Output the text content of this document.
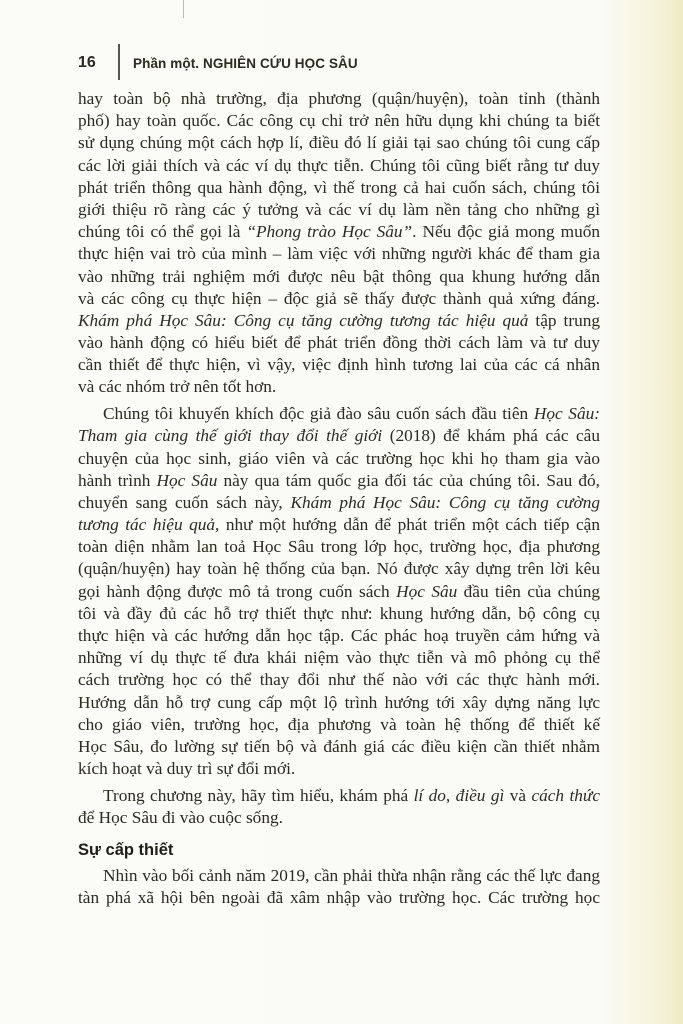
16	Phần một. NGHIÊN CỨU HỌC SÂU
hay toàn bộ nhà trường, địa phương (quận/huyện), toàn tỉnh (thành
phố) hay toàn quốc. Các công cụ chỉ trở nên hữu dụng khi chúng ta biết
sử dụng chúng một cách hợp lí, điều đó lí giải tại sao chúng tôi cung cấp
các lời giải thích và các ví dụ thực tiễn. Chúng tôi cũng biết rằng tư duy
phát triển thông qua hành động, vì thế trong cả hai cuốn sách, chúng tôi
giới thiệu rõ ràng các ý tưởng và các ví dụ làm nền tảng cho những gì
chúng tôi có thể gọi là “Phong trào Học Sâu”. Nếu độc giả mong muốn
thực hiện vai trò của mình – làm việc với những người khác để tham gia
vào những trải nghiệm mới được nêu bật thông qua khung hướng dẫn
và các công cụ thực hiện – độc giả sẽ thấy được thành quả xứng đáng.
Khám phá Học Sâu: Công cụ tăng cường tương tác hiệu quả tập trung
vào hành động có hiểu biết để phát triển đồng thời cách làm và tư duy
cần thiết để thực hiện, vì vậy, việc định hình tương lai của các cá nhân
và các nhóm trở nên tốt hơn.
Chúng tôi khuyến khích độc giả đào sâu cuốn sách đầu tiên Học Sâu:
Tham gia cùng thế giới thay đổi thế giới (2018) để khám phá các câu
chuyện của học sinh, giáo viên và các trường học khi họ tham gia vào
hành trình Học Sâu này qua tám quốc gia đối tác của chúng tôi. Sau đó,
chuyển sang cuốn sách này, Khám phá Học Sâu: Công cụ tăng cường
tương tác hiệu quả, như một hướng dẫn để phát triển một cách tiếp cận
toàn diện nhằm lan toả Học Sâu trong lớp học, trường học, địa phương
(quận/huyện) hay toàn hệ thống của bạn. Nó được xây dựng trên lời kêu
gọi hành động được mô tả trong cuốn sách Học Sâu đầu tiên của chúng
tôi và đầy đủ các hỗ trợ thiết thực như: khung hướng dẫn, bộ công cụ
thực hiện và các hướng dẫn học tập. Các phác hoạ truyền cảm hứng và
những ví dụ thực tế đưa khái niệm vào thực tiễn và mô phỏng cụ thể
cách trường học có thể thay đổi như thế nào với các thực hành mới.
Hướng dẫn hỗ trợ cung cấp một lộ trình hướng tới xây dựng năng lực
cho giáo viên, trường học, địa phương và toàn hệ thống để thiết kế
Học Sâu, đo lường sự tiến bộ và đánh giá các điều kiện cần thiết nhằm
kích hoạt và duy trì sự đổi mới.
Trong chương này, hãy tìm hiểu, khám phá lí do, điều gì và cách thức
để Học Sâu đi vào cuộc sống.
Sự cấp thiết
Nhìn vào bối cảnh năm 2019, cần phải thừa nhận rằng các thế lực đang
tàn phá xã hội bên ngoài đã xâm nhập vào trường học. Các trường học
